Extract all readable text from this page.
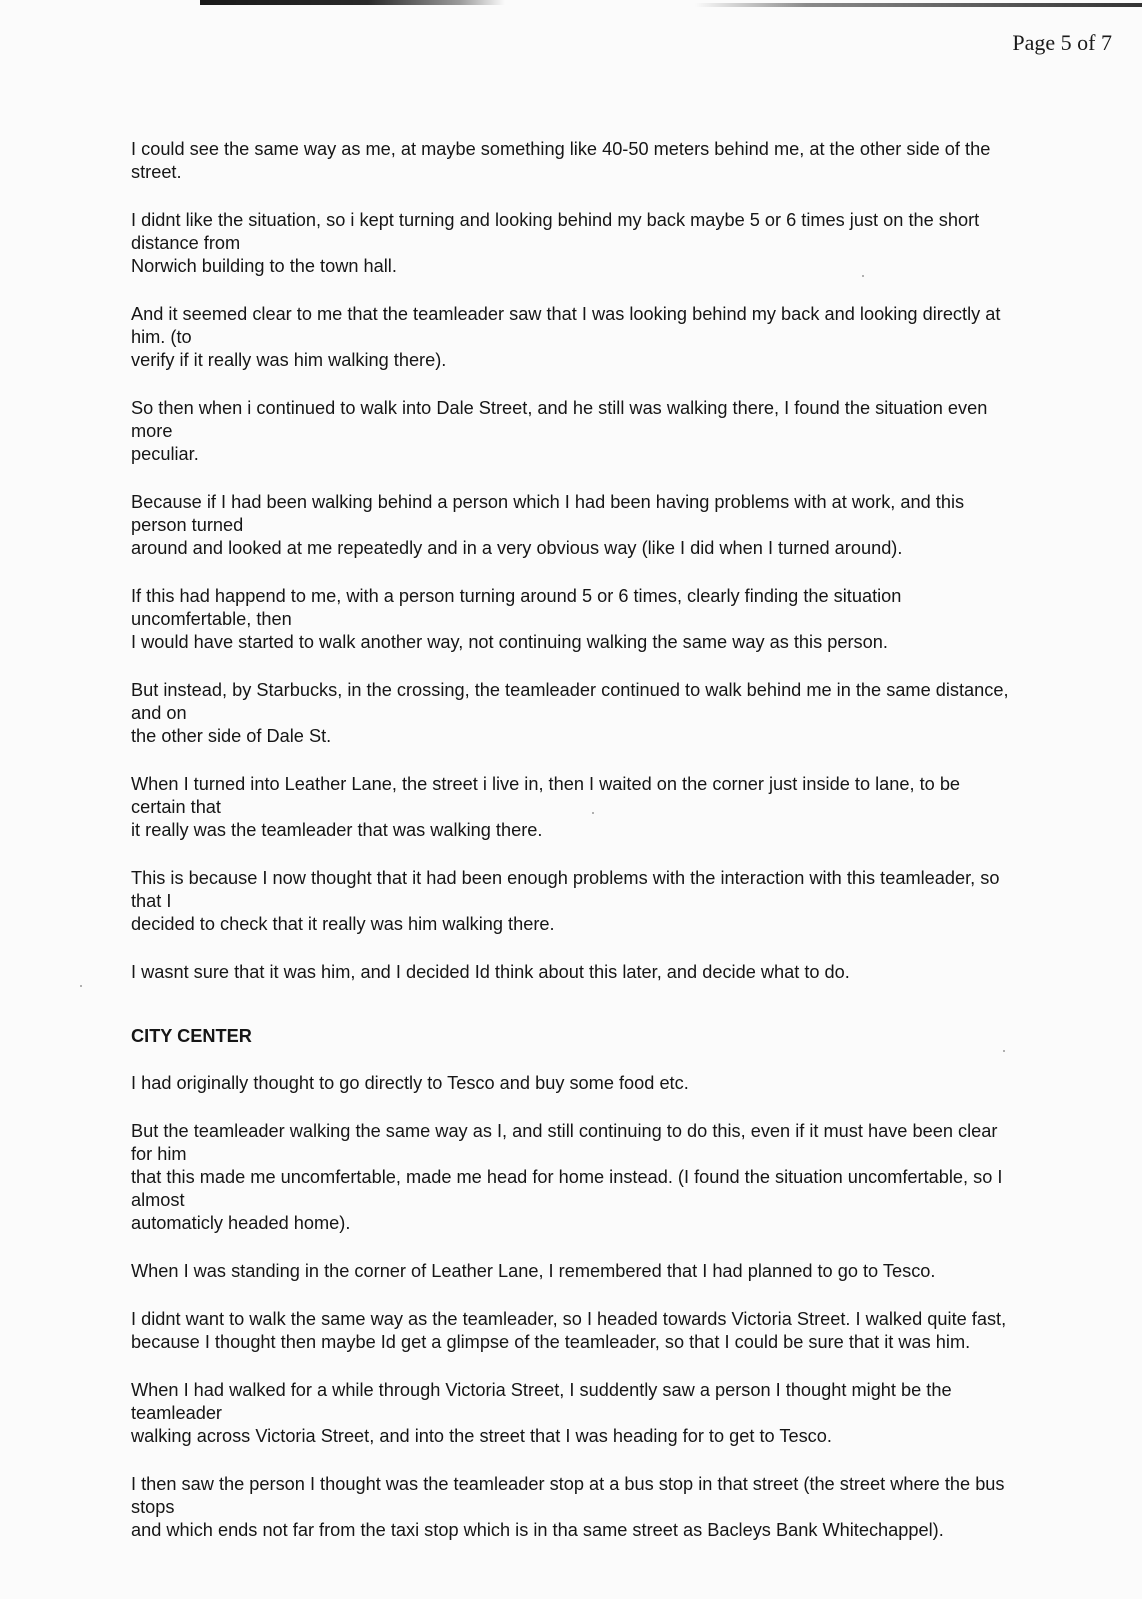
Page 5 of 7

I could see the same way as me, at maybe something like 40-50 meters behind me, at the other side of the
street.

I didnt like the situation, so i kept turning and looking behind my back maybe 5 or 6 times just on the short
distance from
Norwich building to the town hall.

And it seemed clear to me that the teamleader saw that I was looking behind my back and looking directly at
him. (to
verify if it really was him walking there).

So then when i continued to walk into Dale Street, and he still was walking there, I found the situation even
more
peculiar.

Because if I had been walking behind a person which I had been having problems with at work, and this
person turned
around and looked at me repeatedly and in a very obvious way (like I did when I turned around).

If this had happend to me, with a person turning around 5 or 6 times, clearly finding the situation
uncomfertable, then
I would have started to walk another way, not continuing walking the same way as this person.

But instead, by Starbucks, in the crossing, the teamleader continued to walk behind me in the same distance,
and on
the other side of Dale St.

When I turned into Leather Lane, the street i live in, then I waited on the corner just inside to lane, to be
certain that
it really was the teamleader that was walking there.

This is because I now thought that it had been enough problems with the interaction with this teamleader, so
that I
decided to check that it really was him walking there.

I wasnt sure that it was him, and I decided Id think about this later, and decide what to do.

CITY CENTER

I had originally thought to go directly to Tesco and buy some food etc.

But the teamleader walking the same way as I, and still continuing to do this, even if it must have been clear
for him
that this made me uncomfertable, made me head for home instead. (I found the situation uncomfertable, so I
almost
automaticly headed home).

When I was standing in the corner of Leather Lane, I remembered that I had planned to go to Tesco.

I didnt want to walk the same way as the teamleader, so I headed towards Victoria Street. I walked quite fast,
because I thought then maybe Id get a glimpse of the teamleader, so that I could be sure that it was him.

When I had walked for a while through Victoria Street, I suddently saw a person I thought might be the
teamleader
walking across Victoria Street, and into the street that I was heading for to get to Tesco.

I then saw the person I thought was the teamleader stop at a bus stop in that street (the street where the bus
stops
and which ends not far from the taxi stop which is in tha same street as Bacleys Bank Whitechappel).
